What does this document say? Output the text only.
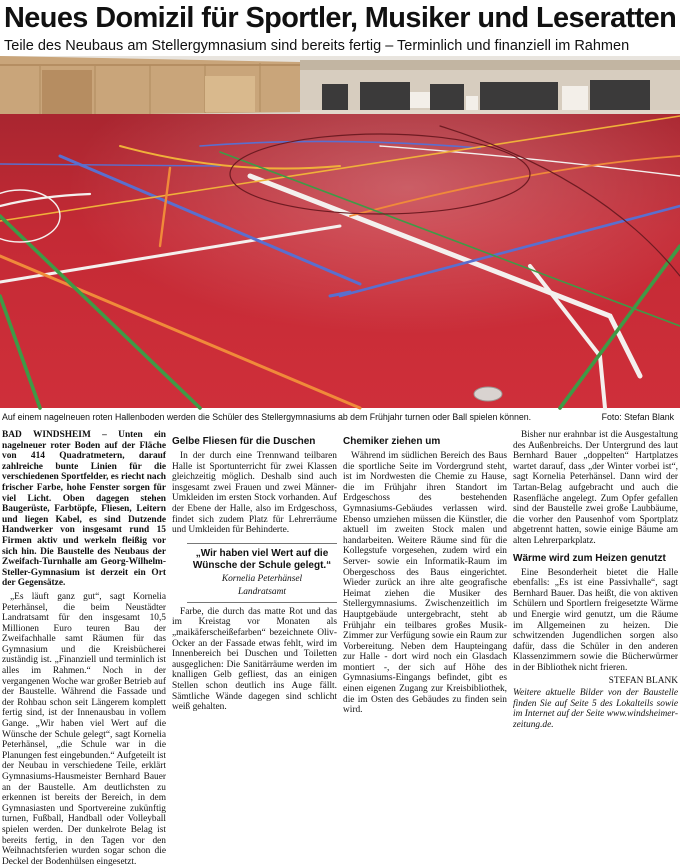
Neues Domizil für Sportler, Musiker und Leseratten
Teile des Neubaus am Stellergymnasium sind bereits fertig – Terminlich und finanziell im Rahmen
Auf einem nagelneuen roten Hallenboden werden die Schüler des Stellergymnasiums ab dem Frühjahr turnen oder Ball spielen können.	Foto: Stefan Blank

BAD WINDSHEIM – Unten ein nagelneuer roter Boden auf der Fläche von 414 Quadratmetern, darauf zahlreiche bunte Linien für die verschiedenen Sportfelder, es riecht nach frischer Farbe, hohe Fenster sorgen für viel Licht. Oben dagegen stehen Baugerüste, Farbtöpfe, Fliesen, Leitern und liegen Kabel, es sind Dutzende Handwerker von insgesamt rund 15 Firmen aktiv und werkeln fleißig vor sich hin. Die Baustelle des Neubaus der Zweifach-Turnhalle am Georg-Wilhelm-Steller-Gymnasium ist derzeit ein Ort der Gegensätze.

„Es läuft ganz gut“, sagt Kornelia Peterhänsel, die beim Neustädter Landratsamt für den insgesamt 10,5 Millionen Euro teuren Bau der Zweifachhalle samt Räumen für das Gymnasium und die Kreisbücherei zuständig ist. „Finanziell und terminlich ist alles im Rahmen.“ Noch in der vergangenen Woche war großer Betrieb auf der Baustelle. Während die Fassade und der Rohbau schon seit Längerem komplett fertig sind, ist der Innenausbau in vollem Gange. „Wir haben viel Wert auf die Wünsche der Schule gelegt“, sagt Kornelia Peterhänsel, „die Schule war in die Planungen fest eingebunden.“ Aufgeteilt ist der Neubau in verschiedene Teile, erklärt Gymnasiums-Hausmeister Bernhard Bauer an der Baustelle. Am deutlichsten zu erkennen ist bereits der Bereich, in dem Gymnasiasten und Sportvereine zukünftig turnen, Fußball, Handball oder Volleyball spielen werden. Der dunkelrote Belag ist bereits fertig, in den Tagen vor den Weihnachtsferien wurden sogar schon die Deckel der Bodenhülsen eingesetzt.

Gelbe Fliesen für die Duschen

In der durch eine Trennwand teilbaren Halle ist Sportunterricht für zwei Klassen gleichzeitig möglich. Deshalb sind auch insgesamt zwei Frauen und zwei Männer-Umkleiden im ersten Stock vorhanden. Auf der Ebene der Halle, also im Erdgeschoss, findet sich zudem Platz für Lehrerräume und Umkleiden für Behinderte.

„Wir haben viel Wert auf die Wünsche der Schule gelegt.“
Kornelia Peterhänsel
Landratsamt

Farbe, die durch das matte Rot und das im Kreistag vor Monaten als „maikäferscheißefarben“ bezeichnete Oliv-Ocker an der Fassade etwas fehlt, wird im Innenbereich bei Duschen und Toiletten ausgeglichen: Die Sanitärräume werden im knalligen Gelb gefliest, das an einigen Stellen schon deutlich ins Auge fällt. Sämtliche Wände dagegen sind schlicht weiß gehalten.

Chemiker ziehen um

Während im südlichen Bereich des Baus die sportliche Seite im Vordergrund steht, ist im Nordwesten die Chemie zu Hause, die im Frühjahr ihren Standort im Erdgeschoss des bestehenden Gymnasiums-Gebäudes verlassen wird. Ebenso umziehen müssen die Künstler, die aktuell im zweiten Stock malen und handarbeiten. Weitere Räume sind für die Kollegstufe vorgesehen, zudem wird ein Server- sowie ein Informatik-Raum im Obergeschoss des Baus eingerichtet. Wieder zurück an ihre alte geografische Heimat ziehen die Musiker des Stellergymnasiums. Zwischenzeitlich im Hauptgebäude untergebracht, steht ab Frühjahr ein teilbares großes Musik-Zimmer zur Verfügung sowie ein Raum zur Vorbereitung. Neben dem Haupteingang zur Halle - dort wird noch ein Glasdach montiert -, der sich auf Höhe des Gymnasiums-Eingangs befindet, gibt es einen eigenen Zugang zur Kreisbibliothek, die im Osten des Gebäudes zu finden sein wird.

Bisher nur erahnbar ist die Ausgestaltung des Außenbreichs. Der Untergrund des laut Bernhard Bauer „doppelten“ Hartplatzes wartet darauf, dass „der Winter vorbei ist“, sagt Kornelia Peterhänsel. Dann wird der Tartan-Belag aufgebracht und auch die Rasenfläche angelegt. Zum Opfer gefallen sind der Baustelle zwei große Laubbäume, die vorher den Pausenhof vom Sportplatz abgetrennt hatten, sowie einige Bäume am alten Lehrerparkplatz.

Wärme wird zum Heizen genutzt

Eine Besonderheit bietet die Halle ebenfalls: „Es ist eine Passivhalle“, sagt Bernhard Bauer. Das heißt, die von aktiven Schülern und Sportlern freigesetzte Wärme und Energie wird genutzt, um die Räume im Allgemeinen zu heizen. Die schwitzenden Jugendlichen sorgen also dafür, dass die Schüler in den anderen Klassenzimmern sowie die Bücherwürmer in der Bibliothek nicht frieren.

STEFAN BLANK

Weitere aktuelle Bilder von der Baustelle finden Sie auf Seite 5 des Lokalteils sowie im Internet auf der Seite www.windsheimer-zeitung.de.
